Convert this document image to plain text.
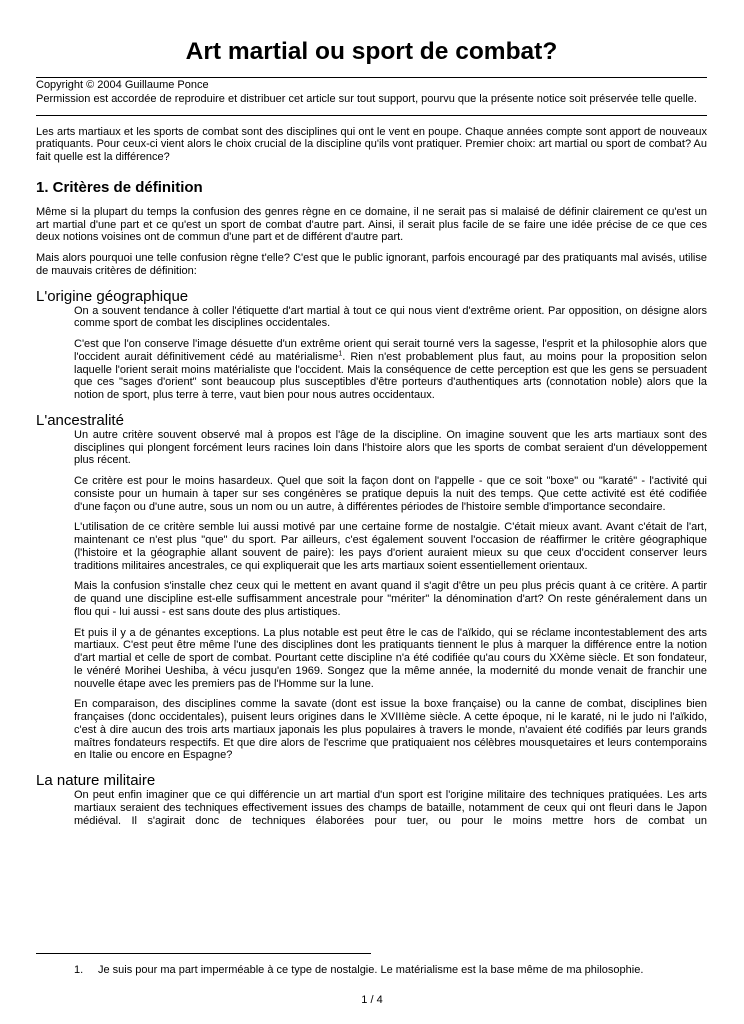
Art martial ou sport de combat?
Copyright © 2004 Guillaume Ponce
Permission est accordée de reproduire et distribuer cet article sur tout support, pourvu que la présente notice soit préservée telle quelle.

Les arts martiaux et les sports de combat sont des disciplines qui ont le vent en poupe. Chaque années compte sont apport de nouveaux pratiquants. Pour ceux-ci vient alors le choix crucial de la discipline qu'ils vont pratiquer. Premier choix: art martial ou sport de combat? Au fait quelle est la différence?

1. Critères de définition

Même si la plupart du temps la confusion des genres règne en ce domaine, il ne serait pas si malaisé de définir clairement ce qu'est un art martial d'une part et ce qu'est un sport de combat d'autre part. Ainsi, il serait plus facile de se faire une idée précise de ce que ces deux notions voisines ont de commun d'une part et de différent d'autre part.

Mais alors pourquoi une telle confusion règne t'elle? C'est que le public ignorant, parfois encouragé par des pratiquants mal avisés, utilise de mauvais critères de définition:

L'origine géographique

On a souvent tendance à coller l'étiquette d'art martial à tout ce qui nous vient d'extrême orient. Par opposition, on désigne alors comme sport de combat les disciplines occidentales.

C'est que l'on conserve l'image désuette d'un extrême orient qui serait tourné vers la sagesse, l'esprit et la philosophie alors que l'occident aurait définitivement cédé au matérialisme$^1$. Rien n'est probablement plus faut, au moins pour la proposition selon laquelle l'orient serait moins matérialiste que l'occident. Mais la conséquence de cette perception est que les gens se persuadent que ces "sages d'orient" sont beaucoup plus susceptibles d'être porteurs d'authentiques arts (connotation noble) alors que la notion de sport, plus terre à terre, vaut bien pour nous autres occidentaux.

L'ancestralité

Un autre critère souvent observé mal à propos est l'âge de la discipline. On imagine souvent que les arts martiaux sont des disciplines qui plongent forcément leurs racines loin dans l'histoire alors que les sports de combat seraient d'un développement plus récent.

Ce critère est pour le moins hasardeux. Quel que soit la façon dont on l'appelle - que ce soit "boxe" ou "karaté" - l'activité qui consiste pour un humain à taper sur ses congénères se pratique depuis la nuit des temps. Que cette activité est été codifiée d'une façon ou d'une autre, sous un nom ou un autre, à différentes périodes de l'histoire semble d'importance secondaire.

L'utilisation de ce critère semble lui aussi motivé par une certaine forme de nostalgie. C'était mieux avant. Avant c'était de l'art, maintenant ce n'est plus "que" du sport. Par ailleurs, c'est également souvent l'occasion de réaffirmer le critère géographique (l'histoire et la géographie allant souvent de paire): les pays d'orient auraient mieux su que ceux d'occident conserver leurs traditions militaires ancestrales, ce qui expliquerait que les arts martiaux soient essentiellement orientaux.

Mais la confusion s'installe chez ceux qui le mettent en avant quand il s'agit d'être un peu plus précis quant à ce critère. A partir de quand une discipline est-elle suffisamment ancestrale pour "mériter" la dénomination d'art? On reste généralement dans un flou qui - lui aussi - est sans doute des plus artistiques.

Et puis il y a de génantes exceptions. La plus notable est peut être le cas de l'aïkido, qui se réclame incontestablement des arts martiaux. C'est peut être même l'une des disciplines dont les pratiquants tiennent le plus à marquer la différence entre la notion d'art martial et celle de sport de combat. Pourtant cette discipline n'a été codifiée qu'au cours du XXème siècle. Et son fondateur, le vénéré Morihei Ueshiba, à vécu jusqu'en 1969. Songez que la même année, la modernité du monde venait de franchir une nouvelle étape avec les premiers pas de l'Homme sur la lune.

En comparaison, des disciplines comme la savate (dont est issue la boxe française) ou la canne de combat, disciplines bien françaises (donc occidentales), puisent leurs origines dans le XVIIIème siècle. A cette époque, ni le karaté, ni le judo ni l'aïkido, c'est à dire aucun des trois arts martiaux japonais les plus populaires à travers le monde, n'avaient été codifiés par leurs grands maîtres fondateurs respectifs. Et que dire alors de l'escrime que pratiquaient nos célèbres mousquetaires et leurs contemporains en Italie ou encore en Espagne?

La nature militaire

On peut enfin imaginer que ce qui différencie un art martial d'un sport est l'origine militaire des techniques pratiquées. Les arts martiaux seraient des techniques effectivement issues des champs de bataille, notamment de ceux qui ont fleuri dans le Japon médiéval. Il s'agirait donc de techniques élaborées pour tuer, ou pour le moins mettre hors de combat un

1. Je suis pour ma part imperméable à ce type de nostalgie. Le matérialisme est la base même de ma philosophie.
1 / 4
